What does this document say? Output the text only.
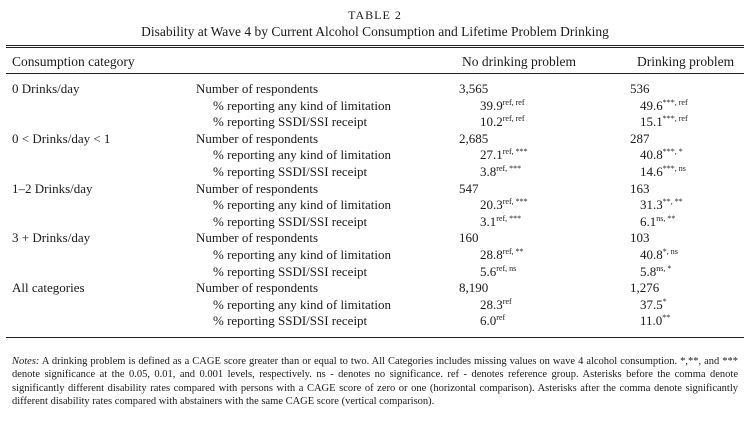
TABLE 2
Disability at Wave 4 by Current Alcohol Consumption and Lifetime Problem Drinking
Consumption category	No drinking problem	Drinking problem
0 Drinks/day	Number of respondents	3,565	536
% reporting any kind of limitation	$39.9^{ref, ref}$	$49.6^{***, ref}$
% reporting SSDI/SSI receipt	$10.2^{ref, ref}$	$15.1^{***, ref}$
0 < Drinks/day < 1	Number of respondents	2,685	287
% reporting any kind of limitation	$27.1^{ref, ***}$	40.8***, *
% reporting SSDI/SSI receipt	$3.8^{ref, ***}$	$14.6^{***, ns}$
1–2 Drinks/day	Number of respondents	547	163
% reporting any kind of limitation	$20.3^{ref, ***}$	31.3**, **
% reporting SSDI/SSI receipt	$3.1^{ref, ***}$	$6.1^{ns, **}$
3 + Drinks/day	Number of respondents	160	103
% reporting any kind of limitation	$28.8^{ref, **}$	$40.8^{*, ns}$
% reporting SSDI/SSI receipt	$5.6^{ref, ns}$	$5.8^{ns, *}$
All categories	Number of respondents	8,190	1,276
% reporting any kind of limitation	$28.3^{ref}$	37.5*
% reporting SSDI/SSI receipt	$6.0^{ref}$	11.0**
Notes: A drinking problem is defined as a CAGE score greater than or equal to two. All Categories includes missing values on wave 4 alcohol consumption. *,**, and *** denote significance at the 0.05, 0.01, and 0.001 levels, respectively. ns - denotes no significance. ref - denotes reference group. Asterisks before the comma denote significantly different disability rates compared with persons with a CAGE score of zero or one (horizontal comparison). Asterisks after the comma denote significantly different disability rates compared with abstainers with the same CAGE score (vertical comparison).
